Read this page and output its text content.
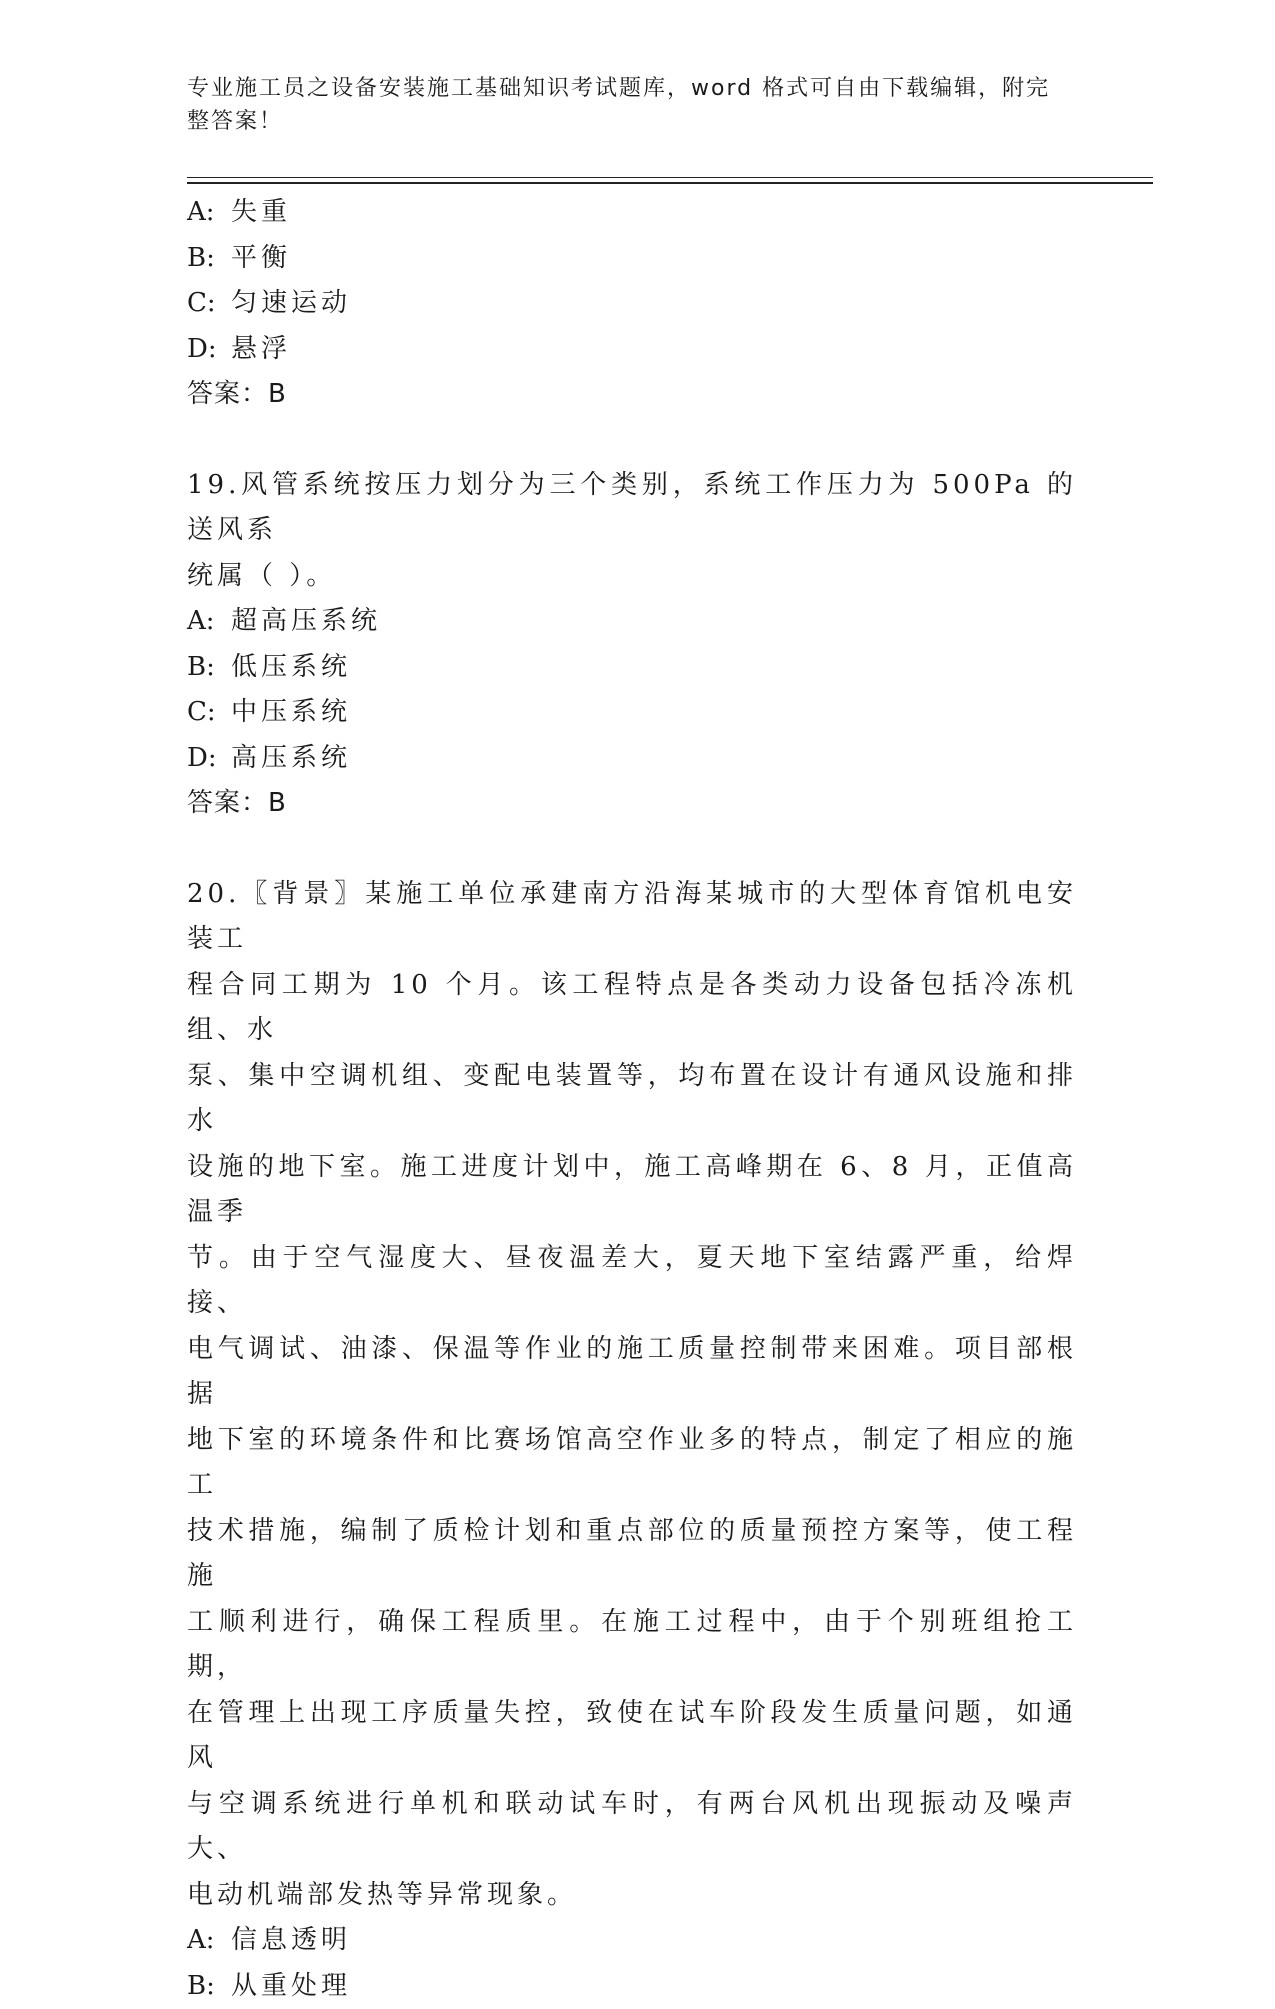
专业施工员之设备安装施工基础知识考试题库，word 格式可自由下载编辑，附完
整答案！
A: 失重
B: 平衡
C: 匀速运动
D: 悬浮
答案：B
19.风管系统按压力划分为三个类别，系统工作压力为 500Pa 的送风系
统属（ ）。
A: 超高压系统
B: 低压系统
C: 中压系统
D: 高压系统
答案：B
20.〖背景〗某施工单位承建南方沿海某城市的大型体育馆机电安装工
程合同工期为 10 个月。该工程特点是各类动力设备包括冷冻机组、水
泵、集中空调机组、变配电装置等，均布置在设计有通风设施和排水
设施的地下室。施工进度计划中，施工高峰期在 6、8 月，正值高温季
节。由于空气湿度大、昼夜温差大，夏天地下室结露严重，给焊接、
电气调试、油漆、保温等作业的施工质量控制带来困难。项目部根据
地下室的环境条件和比赛场馆高空作业多的特点，制定了相应的施工
技术措施，编制了质检计划和重点部位的质量预控方案等，使工程施
工顺利进行，确保工程质里。在施工过程中，由于个别班组抢工期，
在管理上出现工序质量失控，致使在试车阶段发生质量问题，如通风
与空调系统进行单机和联动试车时，有两台风机出现振动及噪声大、
电动机端部发热等异常现象。
A: 信息透明
B: 从重处理
